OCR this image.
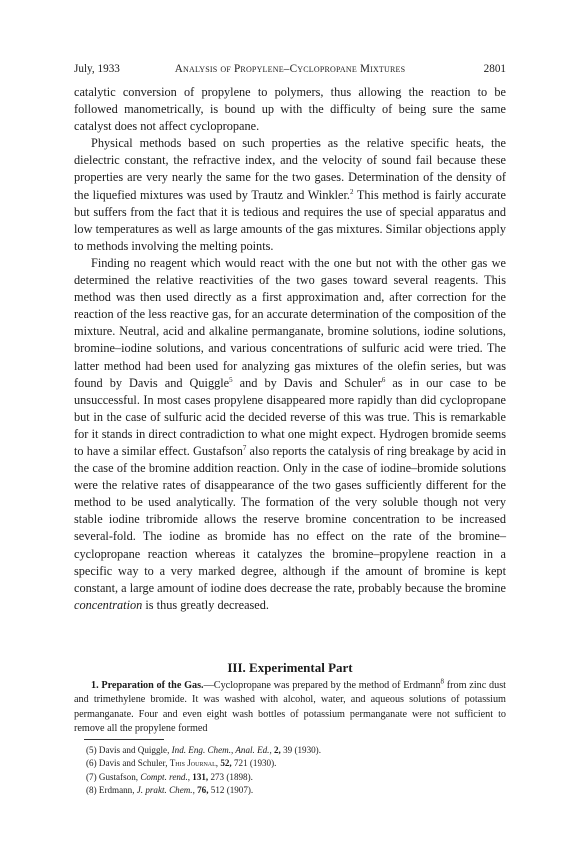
July, 1933	Analysis of Propylene–Cyclopropane Mixtures	2801

catalytic conversion of propylene to polymers, thus allowing the reaction to be followed manometrically, is bound up with the difficulty of being sure the same catalyst does not affect cyclopropane.

Physical methods based on such properties as the relative specific heats, the dielectric constant, the refractive index, and the velocity of sound fail because these properties are very nearly the same for the two gases. Determination of the density of the liquefied mixtures was used by Trautz and Winkler.$^2$ This method is fairly accurate but suffers from the fact that it is tedious and requires the use of special apparatus and low temperatures as well as large amounts of the gas mixtures. Similar objections apply to methods involving the melting points.

Finding no reagent which would react with the one but not with the other gas we determined the relative reactivities of the two gases toward several reagents. This method was then used directly as a first approximation and, after correction for the reaction of the less reactive gas, for an accurate determination of the composition of the mixture. Neutral, acid and alkaline permanganate, bromine solutions, iodine solutions, bromine–iodine solutions, and various concentrations of sulfuric acid were tried. The latter method had been used for analyzing gas mixtures of the olefin series, but was found by Davis and Quiggle$^5$ and by Davis and Schuler$^6$ as in our case to be unsuccessful. In most cases propylene disappeared more rapidly than did cyclopropane but in the case of sulfuric acid the decided reverse of this was true. This is remarkable for it stands in direct contradiction to what one might expect. Hydrogen bromide seems to have a similar effect. Gustafson$^7$ also reports the catalysis of ring breakage by acid in the case of the bromine addition reaction. Only in the case of iodine–bromide solutions were the relative rates of disappearance of the two gases sufficiently different for the method to be used analytically. The formation of the very soluble though not very stable iodine tribromide allows the reserve bromine concentration to be increased several-fold. The iodine as bromide has no effect on the rate of the bromine–cyclopropane reaction whereas it catalyzes the bromine–propylene reaction in a specific way to a very marked degree, although if the amount of bromine is kept constant, a large amount of iodine does decrease the rate, probably because the bromine concentration is thus greatly decreased.

III. Experimental Part

1. Preparation of the Gas.—Cyclopropane was prepared by the method of Erdmann$^8$ from zinc dust and trimethylene bromide. It was washed with alcohol, water, and aqueous solutions of potassium permanganate. Four and even eight wash bottles of potassium permanganate were not sufficient to remove all the propylene formed

(5) Davis and Quiggle, Ind. Eng. Chem., Anal. Ed., 2, 39 (1930).
(6) Davis and Schuler, This Journal, 52, 721 (1930).
(7) Gustafson, Compt. rend., 131, 273 (1898).
(8) Erdmann, J. prakt. Chem., 76, 512 (1907).
